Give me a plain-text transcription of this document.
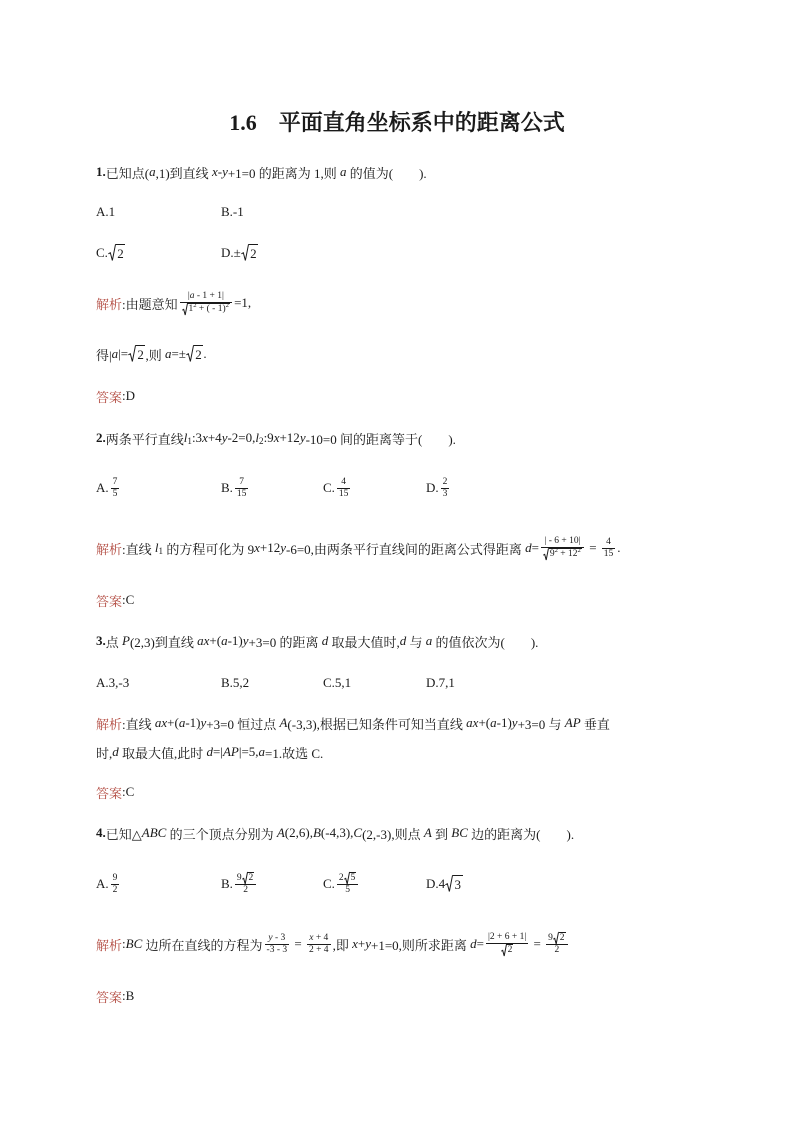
1.6　平面直角坐标系中的距离公式
1. 已知点( a ,1)到直线 x - y +1=0 的距离为 1,则 a 的值为(　　).
A.1	B.-1
C. 2	D.± 2
解析 :由题意知 $\frac{| a - 1 + 1|}{1 2 + ( - 1) 2} =1$,
得| a |= 2 ,则 a =± 2 .
答案 :D
2. 两条平行直线 l 1 :3 x +4 y -2=0, l 2 :9 x +12 y -10=0 间的距离等于(　　).
A. $\frac{7}{5}$	B. $\frac{7}{15}$	C. $\frac{4}{15}$	D. $\frac{2}{3}$
解析 :直线 l 1 的方程可化为 9 x +12 y -6=0,由两条平行直线间的距离公式得距离 $d = \frac{| - 6 + 10|}{9 2 + 12 2} = \frac{4}{15}$ .
答案 :C
3. 点 P (2,3)到直线 ax +( a -1) y +3=0 的距离 d 取最大值时, d 与 a 的值依次为(　　).
A.3,-3	B.5,2	C.5,1	D.7,1
解析 :直线 ax +( a -1) y +3=0 恒过点 A (-3,3),根据已知条件可知当直线 ax +( a -1) y +3=0 与 AP 垂直
时, d 取最大值,此时 d =| AP |=5, a =1.故选 C.
答案 :C
4. 已知△ ABC 的三个顶点分别为 A (2,6), B (-4,3), C (2,-3),则点 A 到 BC 边的距离为(　　).
A. $\frac{9}{2}$	B. $\frac{9 2}{2}$	C. $\frac{2 5}{5}$	D.4 3
解析 : BC 边所在直线的方程为 $\frac{y - 3}{-3 - 3} = \frac{x + 4}{2 + 4}$ ,即 x + y +1=0,则所求距离 $d = \frac{|2 + 6 + 1|}{2} = \frac{9 2}{2}$
答案 :B
